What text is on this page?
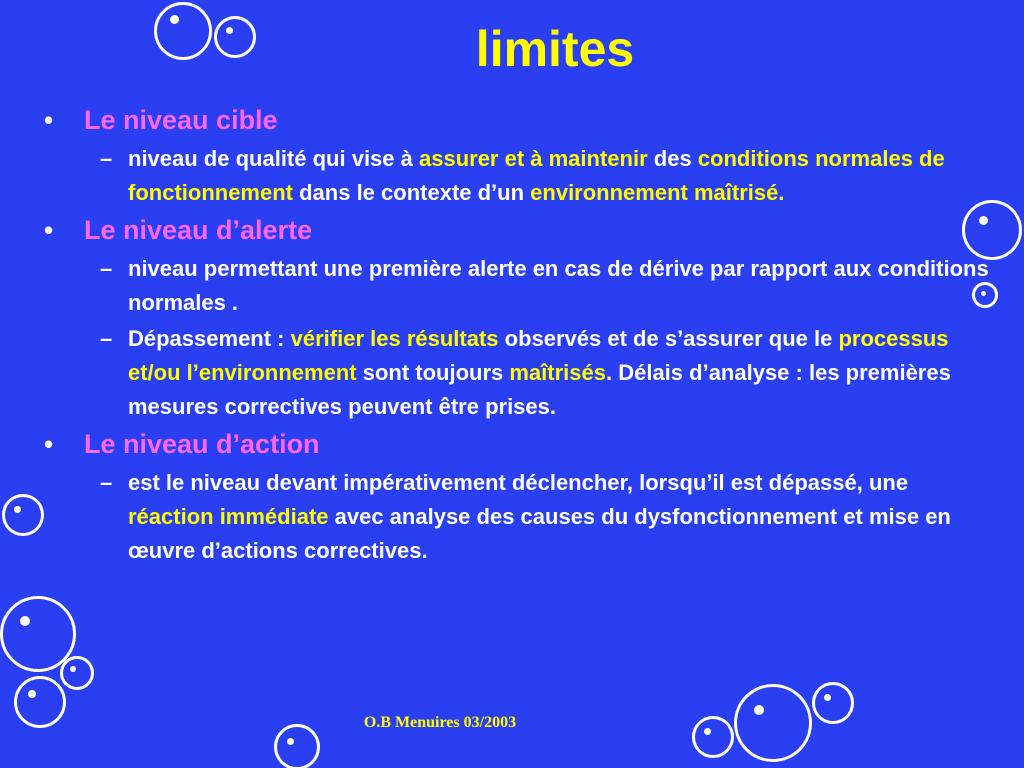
limites
• Le niveau cible
– niveau de qualité qui vise à assurer et à maintenir des conditions normales de fonctionnement dans le contexte d’un environnement maîtrisé.
• Le niveau d’alerte
– niveau permettant une première alerte en cas de dérive par rapport aux conditions normales .
– Dépassement : vérifier les résultats observés et de s’assurer que le processus et/ou l’environnement sont toujours maîtrisés. Délais d’analyse : les premières mesures correctives peuvent être prises.
• Le niveau d’action
– est le niveau devant impérativement déclencher, lorsqu’il est dépassé, une réaction immédiate avec analyse des causes du dysfonctionnement et mise en œuvre d’actions correctives.
O.B Menuires 03/2003
